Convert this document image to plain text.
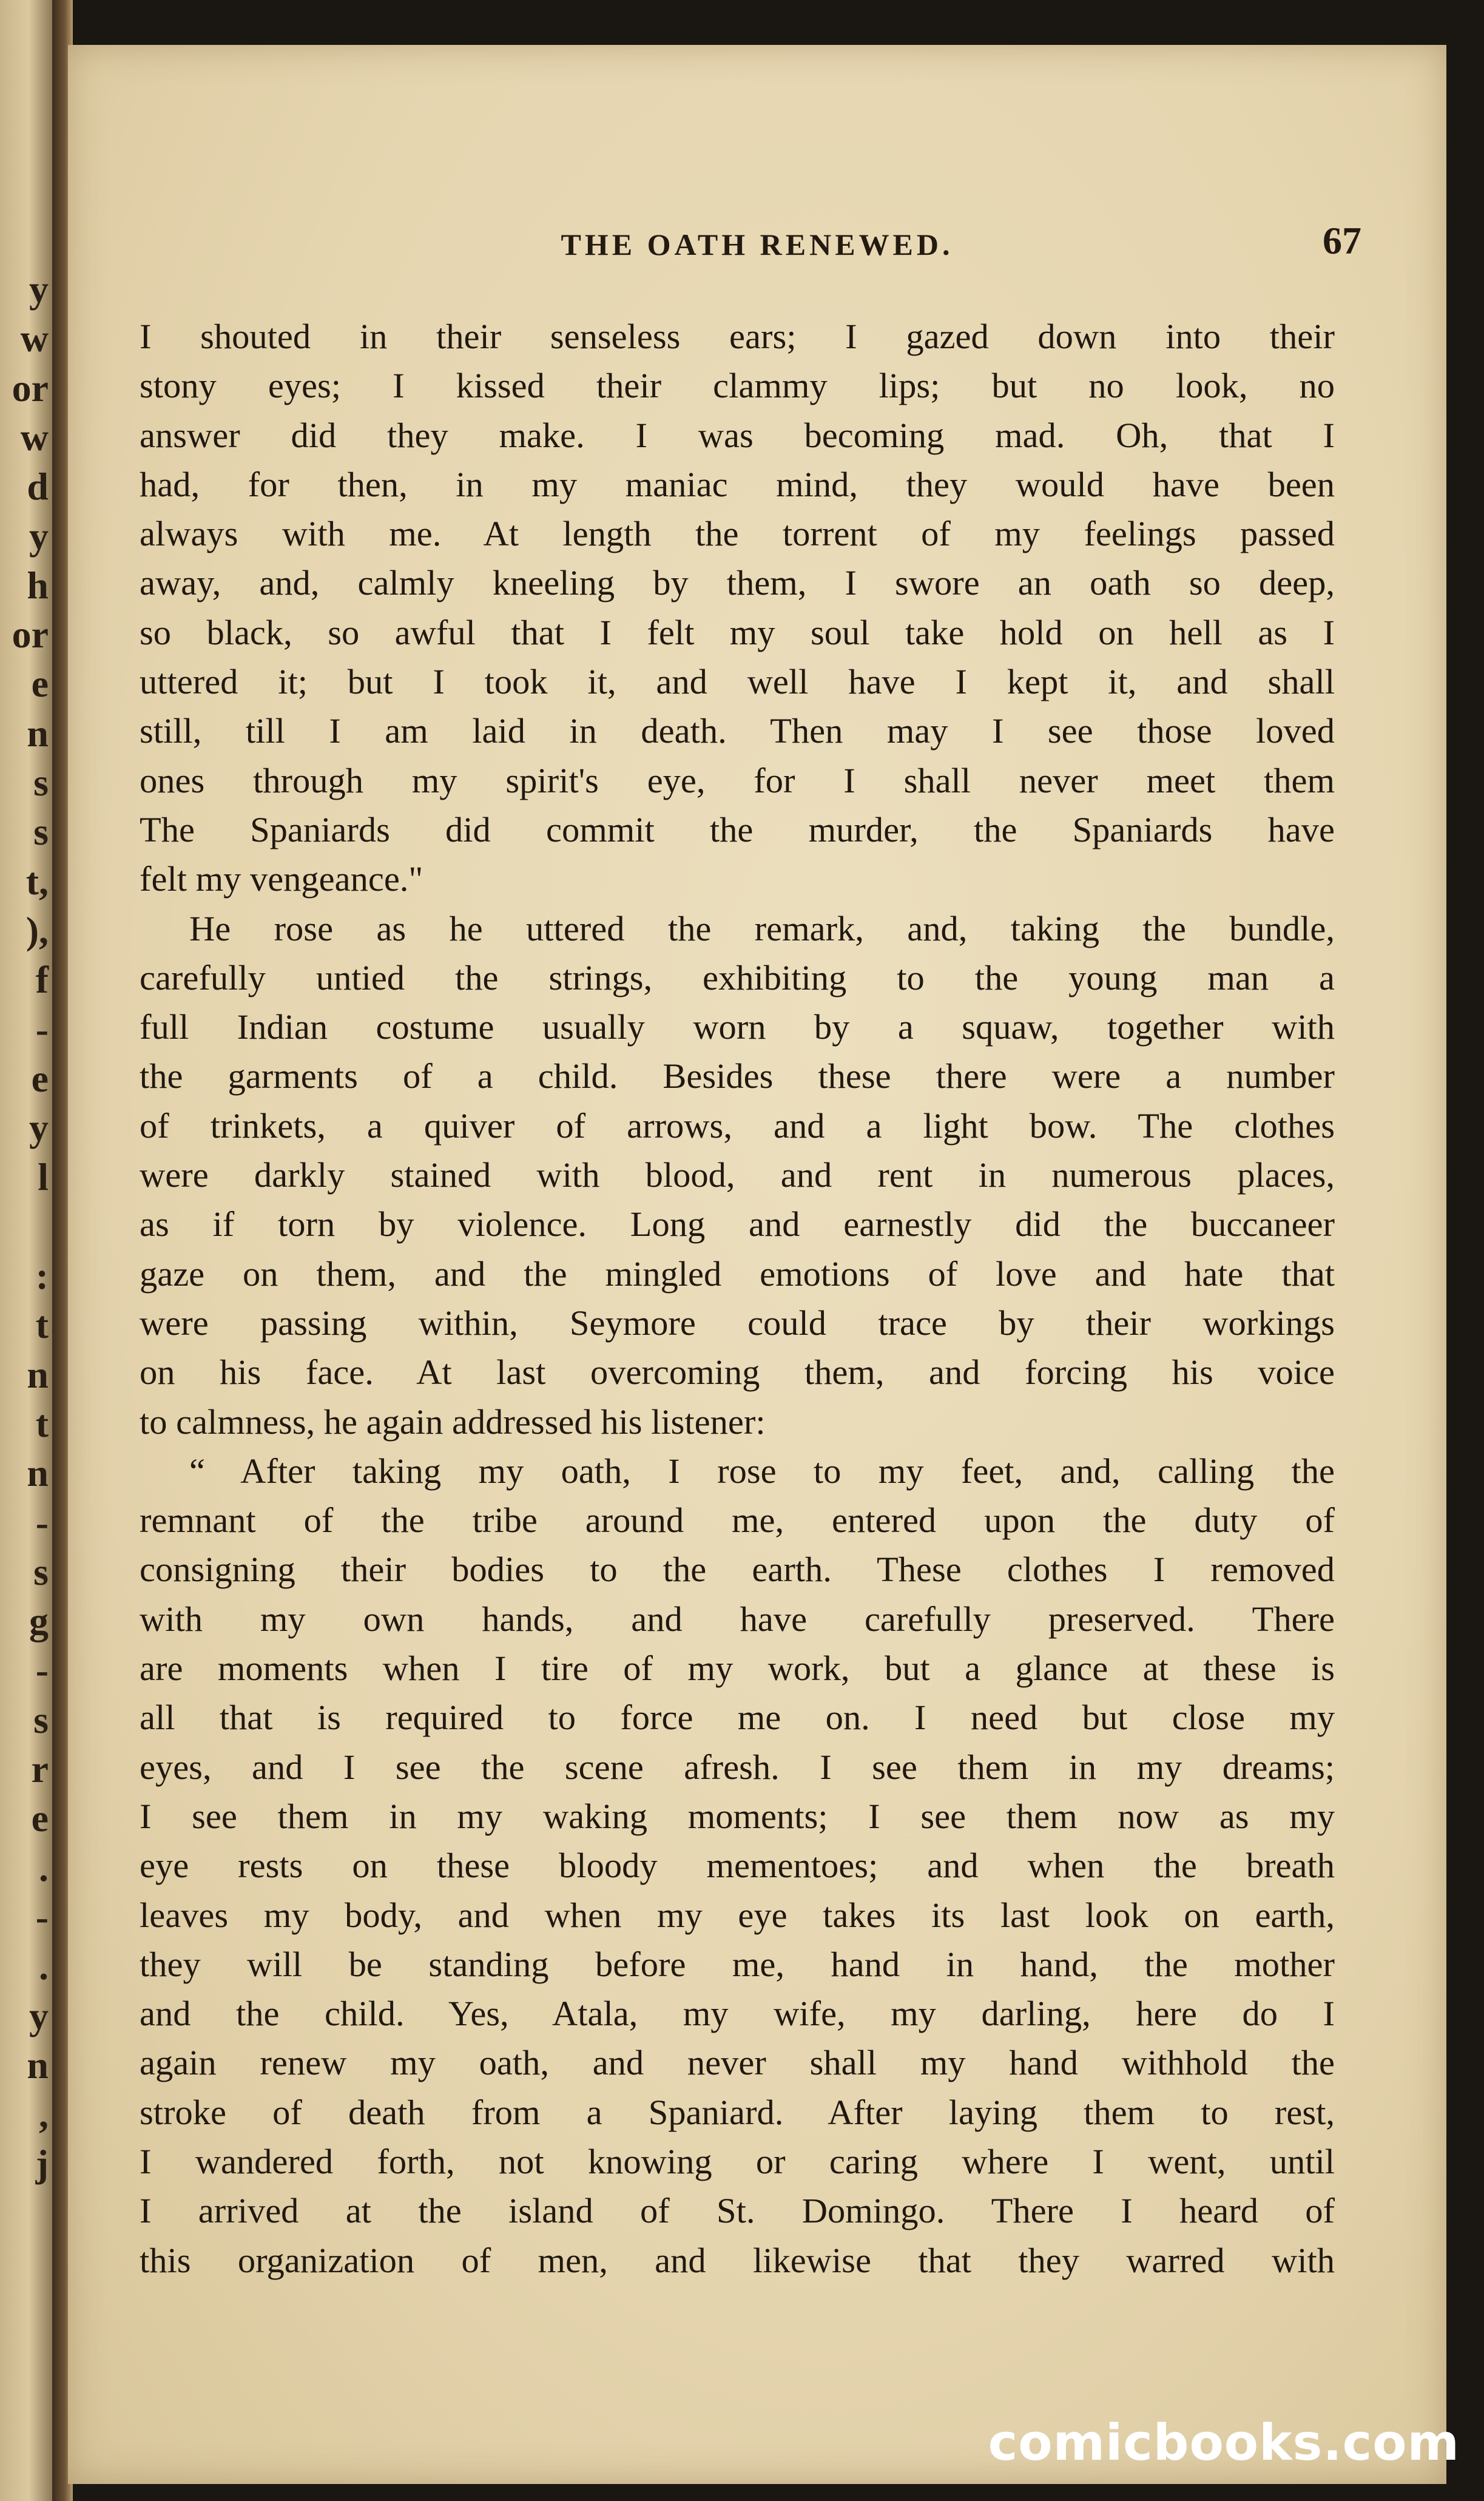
y
w
or
w
d
y
h
or
e
n
s
s
t,
),
f
-
e
y
l
:
t
n
t
n
-
s
g
-
s
r
e
.
-
.
y
n
,
j
THE OATH RENEWED.	67
I shouted in their senseless ears; I gazed down into their
stony eyes; I kissed their clammy lips; but no look, no
answer did they make. I was becoming mad. Oh, that I
had, for then, in my maniac mind, they would have been
always with me. At length the torrent of my feelings passed
away, and, calmly kneeling by them, I swore an oath so deep,
so black, so awful that I felt my soul take hold on hell as I
uttered it; but I took it, and well have I kept it, and shall
still, till I am laid in death. Then may I see those loved
ones through my spirit's eye, for I shall never meet them
The Spaniards did commit the murder, the Spaniards have
felt my vengeance."
He rose as he uttered the remark, and, taking the bundle,
carefully untied the strings, exhibiting to the young man a
full Indian costume usually worn by a squaw, together with
the garments of a child. Besides these there were a number
of trinkets, a quiver of arrows, and a light bow. The clothes
were darkly stained with blood, and rent in numerous places,
as if torn by violence. Long and earnestly did the buccaneer
gaze on them, and the mingled emotions of love and hate that
were passing within, Seymore could trace by their workings
on his face. At last overcoming them, and forcing his voice
to calmness, he again addressed his listener:
“ After taking my oath, I rose to my feet, and, calling the
remnant of the tribe around me, entered upon the duty of
consigning their bodies to the earth. These clothes I removed
with my own hands, and have carefully preserved. There
are moments when I tire of my work, but a glance at these is
all that is required to force me on. I need but close my
eyes, and I see the scene afresh. I see them in my dreams;
I see them in my waking moments; I see them now as my
eye rests on these bloody mementoes; and when the breath
leaves my body, and when my eye takes its last look on earth,
they will be standing before me, hand in hand, the mother
and the child. Yes, Atala, my wife, my darling, here do I
again renew my oath, and never shall my hand withhold the
stroke of death from a Spaniard. After laying them to rest,
I wandered forth, not knowing or caring where I went, until
I arrived at the island of St. Domingo. There I heard of
this organization of men, and likewise that they warred with
comicbooks.com
